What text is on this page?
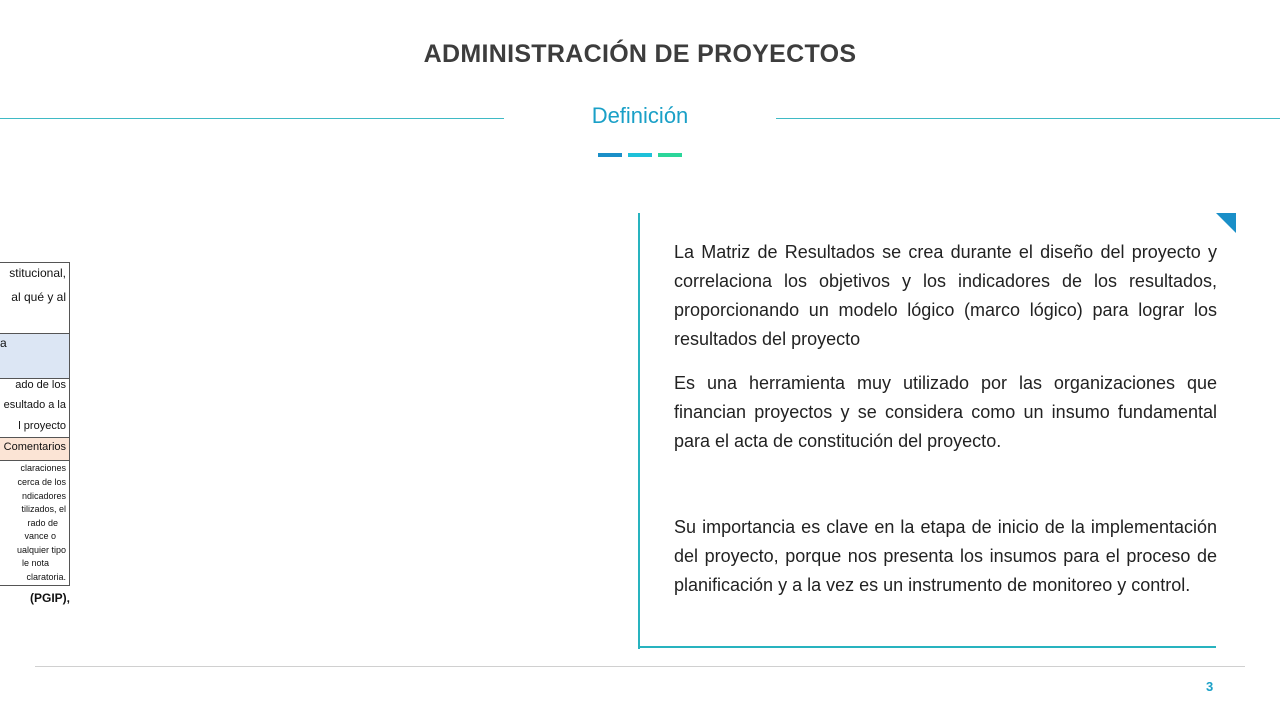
ADMINISTRACIÓN DE PROYECTOS
Definición
stitucional,
al qué y al
a
ado de los
esultado a la
l proyecto
Comentarios
claraciones
cerca de los
ndicadores
tilizados, el
rado de
vance o
ualquier tipo
le nota
claratoria.
(PGIP),

La Matriz de Resultados se crea durante el diseño del proyecto y correlaciona los objetivos y los indicadores de los resultados, proporcionando un modelo lógico (marco lógico) para lograr los resultados del proyecto

Es una herramienta muy utilizado por las organizaciones que financian proyectos y se considera como un insumo fundamental para el acta de constitución del proyecto.

Su importancia es clave en la etapa de inicio de la implementación del proyecto, porque nos presenta los insumos para el proceso de planificación y a la vez es un instrumento de monitoreo y control.

3
